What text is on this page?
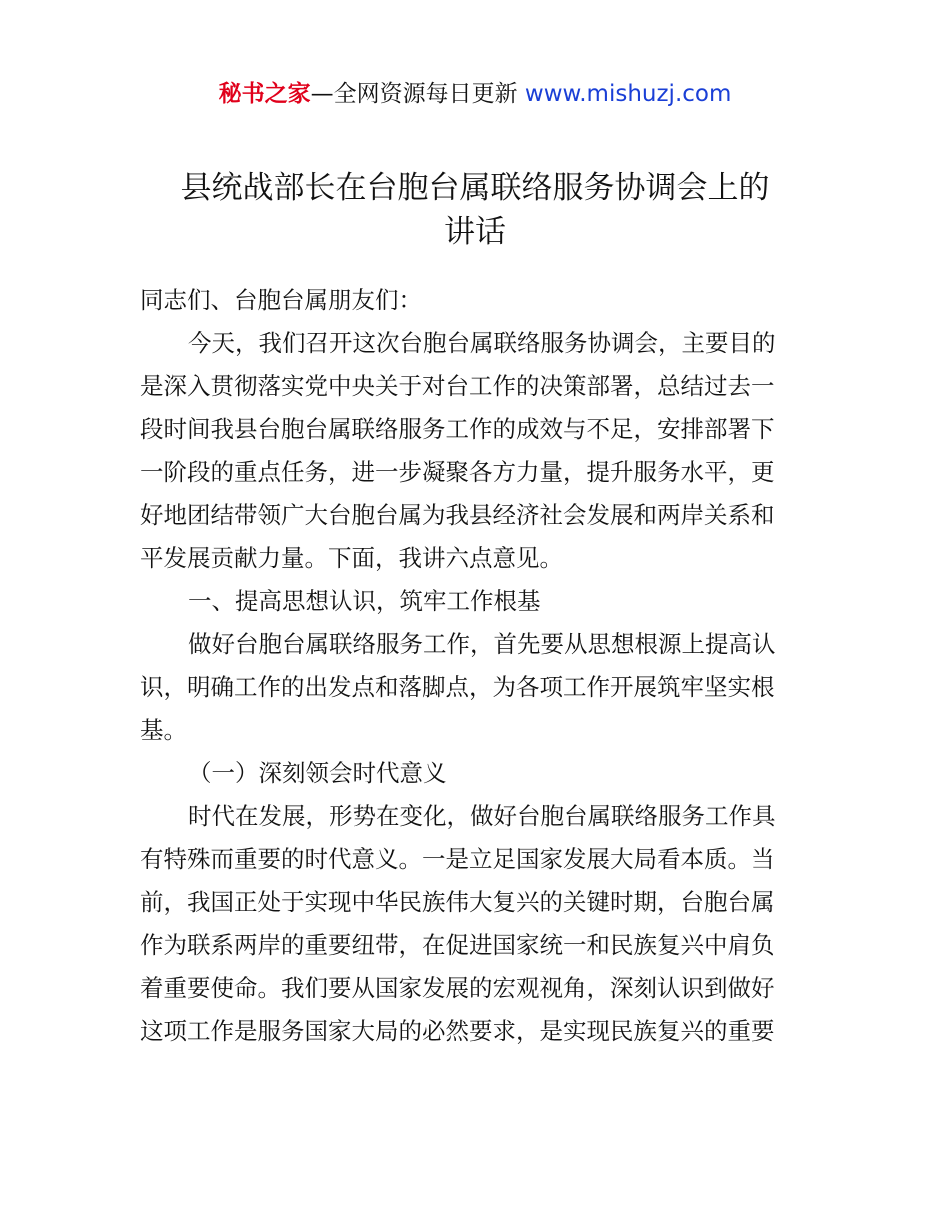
秘书之家—全网资源每日更新 www.mishuzj.com
县统战部长在台胞台属联络服务协调会上的
讲话
同志们、台胞台属朋友们：
今天，我们召开这次台胞台属联络服务协调会，主要目的
是深入贯彻落实党中央关于对台工作的决策部署，总结过去一
段时间我县台胞台属联络服务工作的成效与不足，安排部署下
一阶段的重点任务，进一步凝聚各方力量，提升服务水平，更
好地团结带领广大台胞台属为我县经济社会发展和两岸关系和
平发展贡献力量。下面，我讲六点意见。
一、提高思想认识，筑牢工作根基
做好台胞台属联络服务工作，首先要从思想根源上提高认
识，明确工作的出发点和落脚点，为各项工作开展筑牢坚实根
基。
（一）深刻领会时代意义
时代在发展，形势在变化，做好台胞台属联络服务工作具
有特殊而重要的时代意义。一是立足国家发展大局看本质。当
前，我国正处于实现中华民族伟大复兴的关键时期，台胞台属
作为联系两岸的重要纽带，在促进国家统一和民族复兴中肩负
着重要使命。我们要从国家发展的宏观视角，深刻认识到做好
这项工作是服务国家大局的必然要求，是实现民族复兴的重要
